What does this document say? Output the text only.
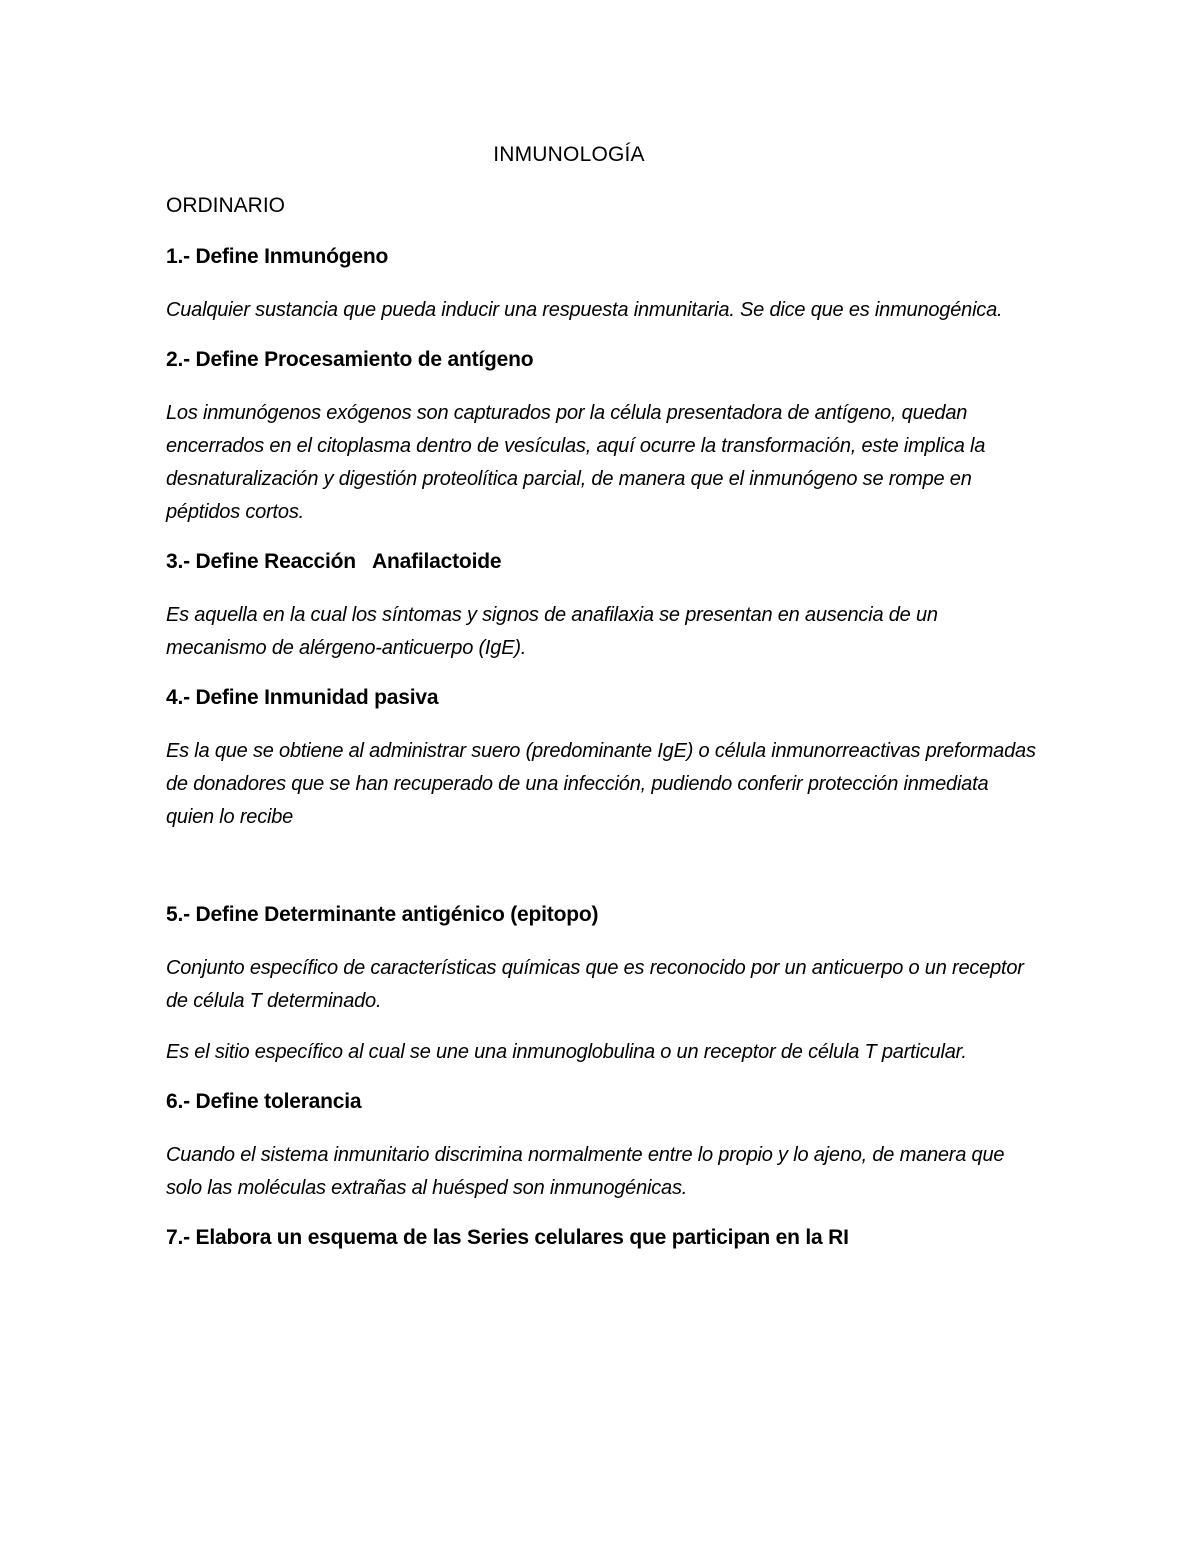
INMUNOLOGÍA

ORDINARIO

1.- Define Inmunógeno

Cualquier sustancia que pueda inducir una respuesta inmunitaria. Se dice que es inmunogénica.

2.- Define Procesamiento de antígeno

Los inmunógenos exógenos son capturados por la célula presentadora de antígeno, quedan encerrados en el citoplasma dentro de vesículas, aquí ocurre la transformación, este implica la desnaturalización y digestión proteolítica parcial, de manera que el inmunógeno se rompe en péptidos cortos.

3.- Define Reacción   Anafilactoide

Es aquella en la cual los síntomas y signos de anafilaxia se presentan en ausencia de un mecanismo de alérgeno-anticuerpo (IgE).

4.- Define Inmunidad pasiva

Es la que se obtiene al administrar suero (predominante IgE) o célula inmunorreactivas preformadas de donadores que se han recuperado de una infección, pudiendo conferir protección inmediata quien lo recibe

5.- Define Determinante antigénico (epitopo)

Conjunto específico de características químicas que es reconocido por un anticuerpo o un receptor de célula T determinado.

Es el sitio específico al cual se une una inmunoglobulina o un receptor de célula T particular.

6.- Define tolerancia

Cuando el sistema inmunitario discrimina normalmente entre lo propio y lo ajeno, de manera que solo las moléculas extrañas al huésped son inmunogénicas.

7.- Elabora un esquema de las Series celulares que participan en la RI
